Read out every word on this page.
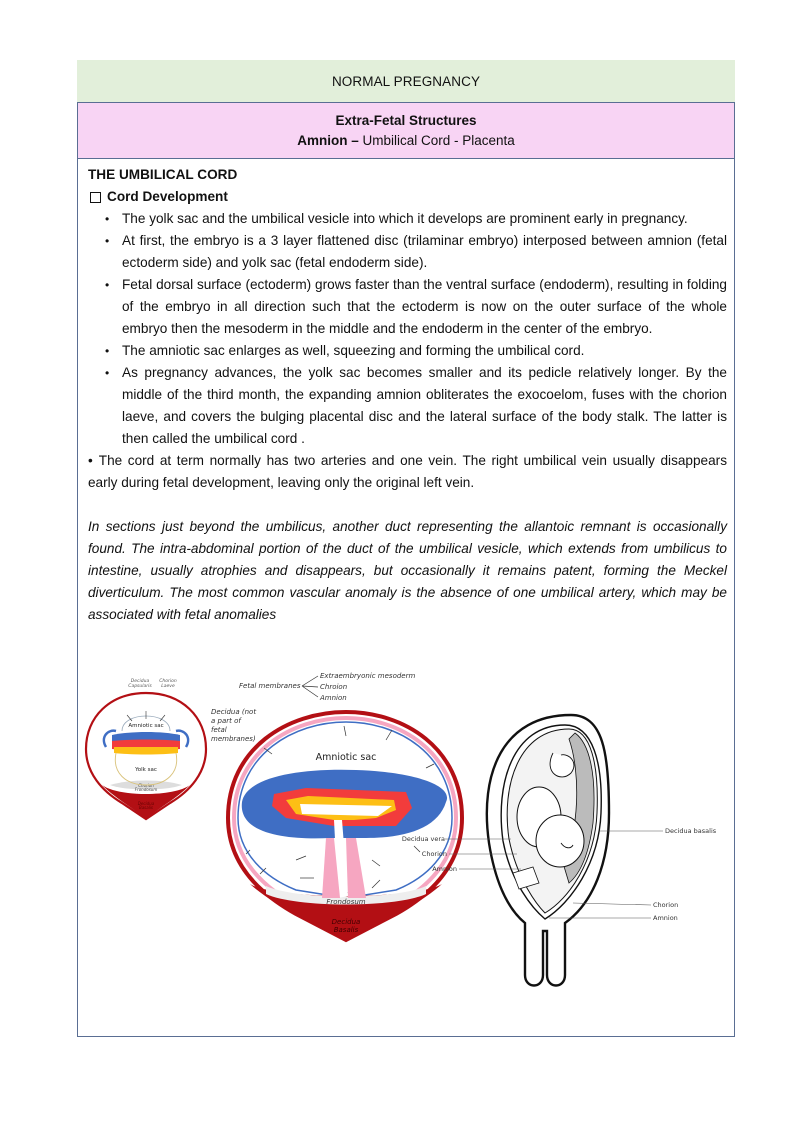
NORMAL PREGNANCY
Extra-Fetal Structures
Amnion – Umbilical Cord - Placenta
THE UMBILICAL CORD
Cord Development
• The yolk sac and the umbilical vesicle into which it develops are prominent early in pregnancy.
• At first, the embryo is a 3 layer flattened disc (trilaminar embryo) interposed between amnion (fetal ectoderm side) and yolk sac (fetal endoderm side).
• Fetal dorsal surface (ectoderm) grows faster than the ventral surface (endoderm), resulting in folding of the embryo in all direction such that the ectoderm is now on the outer surface of the whole embryo then the mesoderm in the middle and the endoderm in the center of the embryo.
• The amniotic sac enlarges as well, squeezing and forming the umbilical cord.
• As pregnancy advances, the yolk sac becomes smaller and its pedicle relatively longer. By the middle of the third month, the expanding amnion obliterates the exocoelom, fuses with the chorion laeve, and covers the bulging placental disc and the lateral surface of the body stalk. The latter is then called the umbilical cord .
• The cord at term normally has two arteries and one vein. The right umbilical vein usually disappears early during fetal development, leaving only the original left vein.
In sections just beyond the umbilicus, another duct representing the allantoic remnant is occasionally found. The intra-abdominal portion of the duct of the umbilical vesicle, which extends from umbilicus to intestine, usually atrophies and disappears, but occasionally it remains patent, forming the Meckel diverticulum. The most common vascular anomaly is the absence of one umbilical artery, which may be associated with fetal anomalies
Decidua
Capsularis
Chorion
Laeve
Chorion
Frondosum
Decidua
Basalis
Amniotic sac
Yolk sac
Fetal membranes
Extraembryonic mesoderm
Chroion
Amnion
Decidua (not a part of fetal membranes)
Frondosum
Decidua Basalis
Amniotic sac
Decidua vera
Chorion
Amnion
Decidua basalis
Chorion
Amnion
